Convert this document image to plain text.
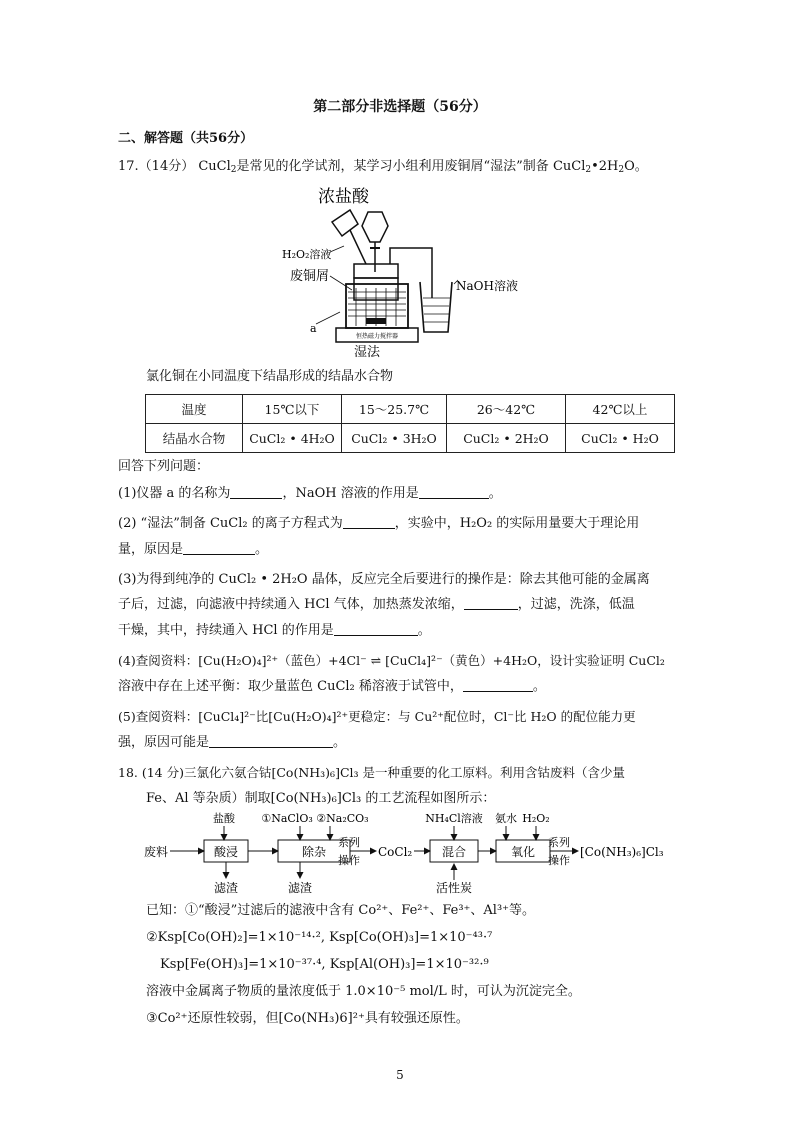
第二部分非选择题（56分）
二、解答题（共56分）
17.（14分） CuCl$_2$是常见的化学试剂，某学习小组利用废铜屑“湿法”制备 $CuCl_2•2H_2O$。
恒热磁力搅拌器
浓盐酸
H₂O₂溶液
废铜屑
a
NaOH溶液
湿法
氯化铜在小同温度下结晶形成的结晶水合物
温度	15℃以下	15～25.7℃	26～42℃	42℃以上
结晶水合物	CuCl₂ • 4H₂O	CuCl₂ • 3H₂O	CuCl₂ • 2H₂O	CuCl₂ • H₂O
回答下列问题：
(1)仪器 a 的名称为	，NaOH 溶液的作用是	。
(2) “湿法”制备 CuCl₂ 的离子方程式为	，实验中，H₂O₂ 的实际用量要大于理论用
量，原因是	。
(3)为得到纯净的 CuCl₂ • 2H₂O 晶体，反应完全后要进行的操作是：除去其他可能的金属离
子后，过滤，向滤液中持续通入 HCl 气体，加热蒸发浓缩，	，过滤，洗涤，低温
干燥，其中，持续通入 HCl 的作用是	。
(4)查阅资料：[Cu(H₂O)₄]²⁺（蓝色）+4Cl⁻ ⇌ [CuCl₄]²⁻（黄色）+4H₂O，设计实验证明 CuCl₂
溶液中存在上述平衡：取少量蓝色 CuCl₂ 稀溶液于试管中，	。
(5)查阅资料：[CuCl₄]²⁻比[Cu(H₂O)₄]²⁺更稳定：与 Cu²⁺配位时，Cl⁻比 H₂O 的配位能力更
强，原因可能是	。
18. (14 分)三氯化六氨合钴[Co(NH₃)₆]Cl₃ 是一种重要的化工原料。利用含钴废料（含少量
Fe、Al 等杂质）制取[Co(NH₃)₆]Cl₃ 的工艺流程如图所示：
盐酸 ①NaClO₃ ②Na₂CO₃	NH₄Cl溶液 氨水 H₂O₂
酸浸	除杂	混合	氧化
废料
系列
操作
CoCl₂
系列
操作
[Co(NH₃)₆]Cl₃
滤渣	滤渣	活性炭
已知：①“酸浸”过滤后的滤液中含有 Co²⁺、Fe²⁺、Fe³⁺、Al³⁺等。
②Ksp[Co(OH)₂]=1×10⁻¹⁴·², Ksp[Co(OH)₃]=1×10⁻⁴³·⁷
Ksp[Fe(OH)₃]=1×10⁻³⁷·⁴, Ksp[Al(OH)₃]=1×10⁻³²·⁹
溶液中金属离子物质的量浓度低于 1.0×10⁻⁵ mol/L 时，可认为沉淀完全。
③Co²⁺还原性较弱，但[Co(NH₃)6]²⁺具有较强还原性。
5
